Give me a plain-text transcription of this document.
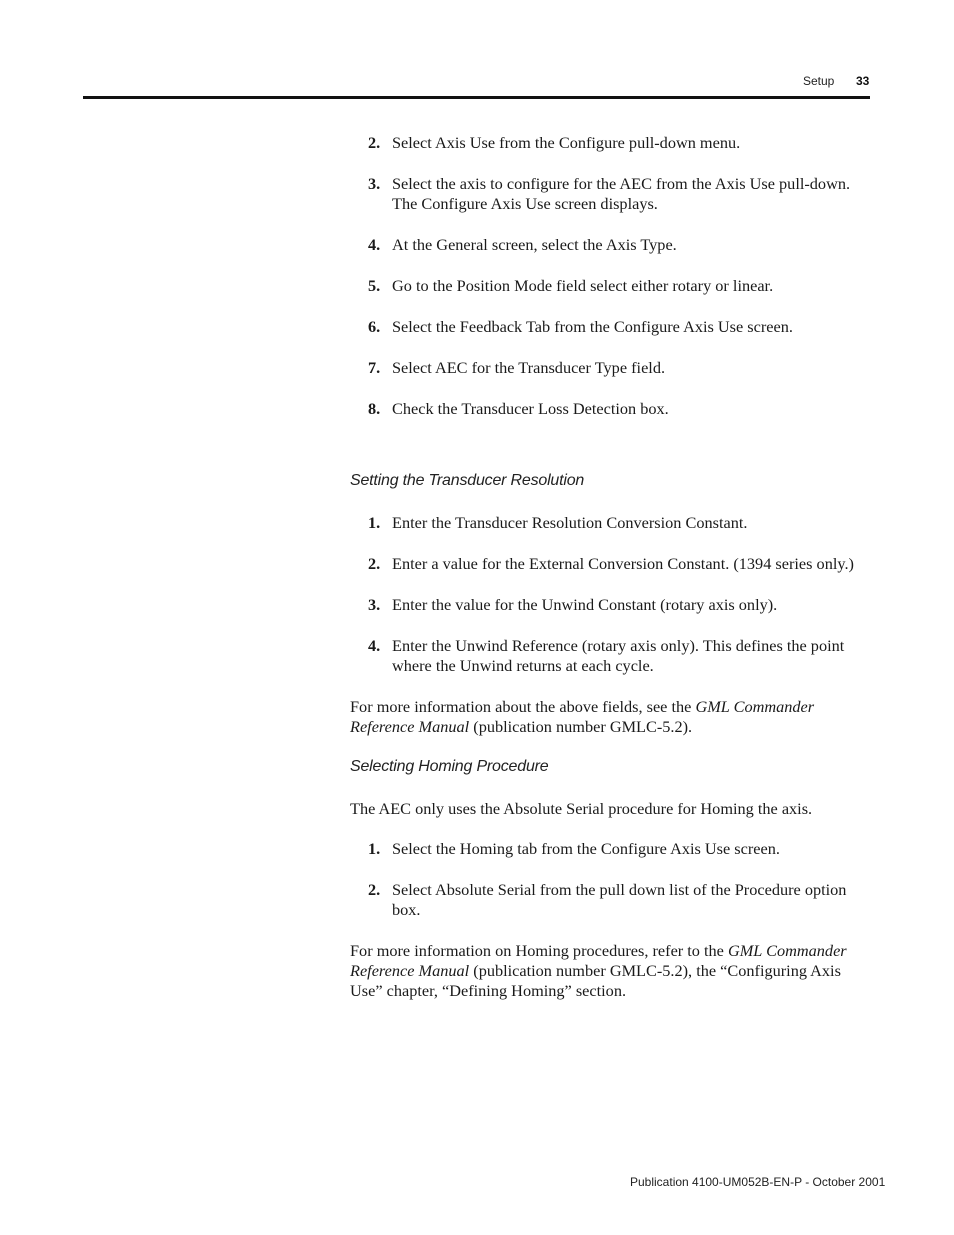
Setup 33
2. Select Axis Use from the Configure pull-down menu.
3. Select the axis to configure for the AEC from the Axis Use pull-down. The Configure Axis Use screen displays.
4. At the General screen, select the Axis Type.
5. Go to the Position Mode field select either rotary or linear.
6. Select the Feedback Tab from the Configure Axis Use screen.
7. Select AEC for the Transducer Type field.
8. Check the Transducer Loss Detection box.
Setting the Transducer Resolution
1. Enter the Transducer Resolution Conversion Constant.
2. Enter a value for the External Conversion Constant. (1394 series only.)
3. Enter the value for the Unwind Constant (rotary axis only).
4. Enter the Unwind Reference (rotary axis only). This defines the point where the Unwind returns at each cycle.

For more information about the above fields, see the GML Commander Reference Manual (publication number GMLC-5.2).

Selecting Homing Procedure

The AEC only uses the Absolute Serial procedure for Homing the axis.

1. Select the Homing tab from the Configure Axis Use screen.
2. Select Absolute Serial from the pull down list of the Procedure option box.

For more information on Homing procedures, refer to the GML Commander Reference Manual (publication number GMLC-5.2), the “Configuring Axis Use” chapter, “Defining Homing” section.

Publication 4100-UM052B-EN-P - October 2001
